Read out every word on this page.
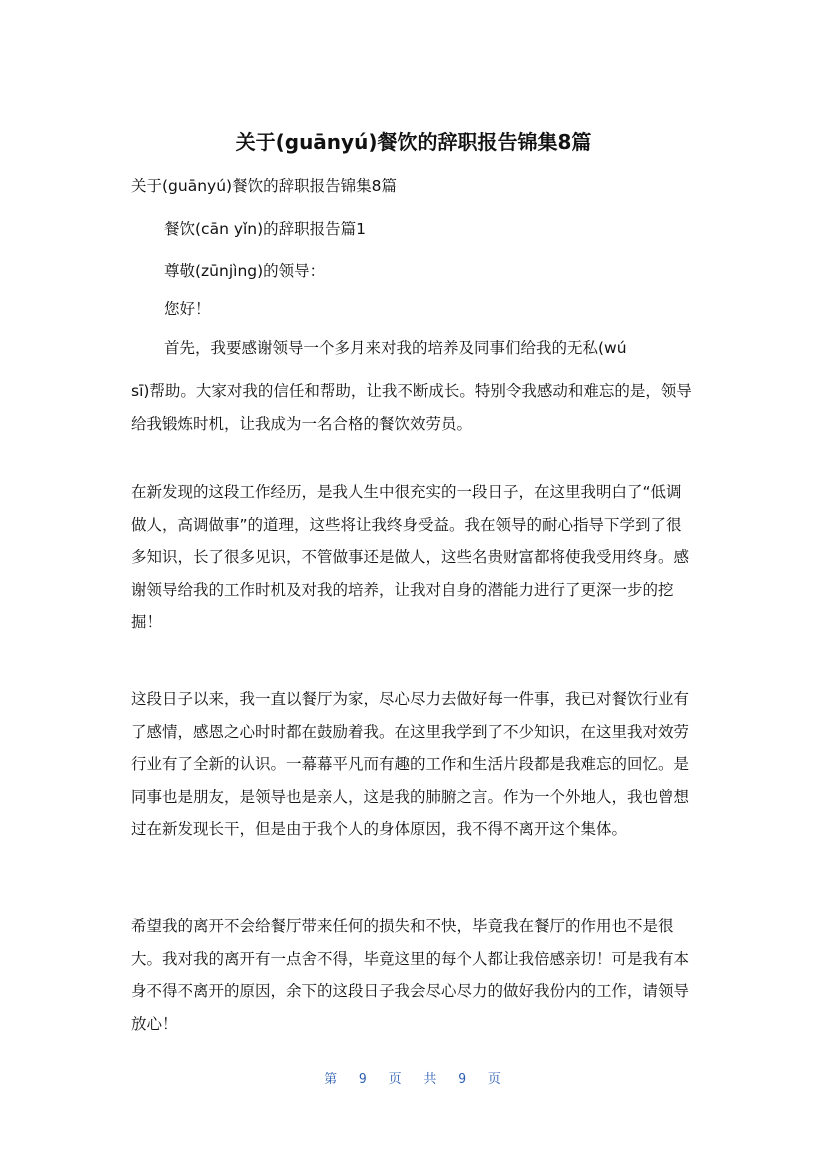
关于(guānyú)餐饮的辞职报告锦集8篇
关于(guānyú)餐饮的辞职报告锦集8篇
餐饮(cān yǐn)的辞职报告篇1
尊敬(zūnjìng)的领导：
您好！
首先，我要感谢领导一个多月来对我的培养及同事们给我的无私(wú

sī)帮助。大家对我的信任和帮助，让我不断成长。特别令我感动和难忘的是，领导给我锻炼时机，让我成为一名合格的餐饮效劳员。

在新发现的这段工作经历，是我人生中很充实的一段日子，在这里我明白了“低调做人，高调做事”的道理，这些将让我终身受益。我在领导的耐心指导下学到了很多知识，长了很多见识，不管做事还是做人，这些名贵财富都将使我受用终身。感谢领导给我的工作时机及对我的培养，让我对自身的潜能力进行了更深一步的挖掘！

这段日子以来，我一直以餐厅为家，尽心尽力去做好每一件事，我已对餐饮行业有了感情，感恩之心时时都在鼓励着我。在这里我学到了不少知识，在这里我对效劳行业有了全新的认识。一幕幕平凡而有趣的工作和生活片段都是我难忘的回忆。是同事也是朋友，是领导也是亲人，这是我的肺腑之言。作为一个外地人，我也曾想过在新发现长干，但是由于我个人的身体原因，我不得不离开这个集体。

希望我的离开不会给餐厅带来任何的损失和不快，毕竟我在餐厅的作用也不是很大。我对我的离开有一点舍不得，毕竟这里的每个人都让我倍感亲切！可是我有本身不得不离开的原因，余下的这段日子我会尽心尽力的做好我份内的工作，请领导放心！

第 9 页 共 9 页
